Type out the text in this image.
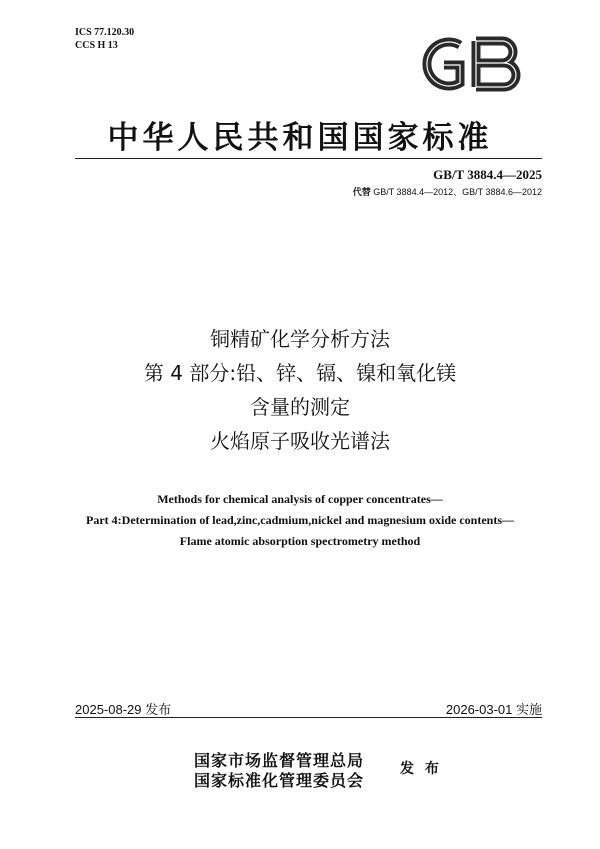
ICS 77.120.30
CCS H 13
中华人民共和国国家标准
GB/T 3884.4—2025
代替 GB/T 3884.4—2012、GB/T 3884.6—2012
铜精矿化学分析方法
第 4 部分:铅、锌、镉、镍和氧化镁
含量的测定
火焰原子吸收光谱法
Methods for chemical analysis of copper concentrates—
Part 4:Determination of lead,zinc,cadmium,nickel and magnesium oxide contents—
Flame atomic absorption spectrometry method
2025-08-29 发布	2026-03-01 实施
国家市场监督管理总局
国家标准化管理委员会
发 布
